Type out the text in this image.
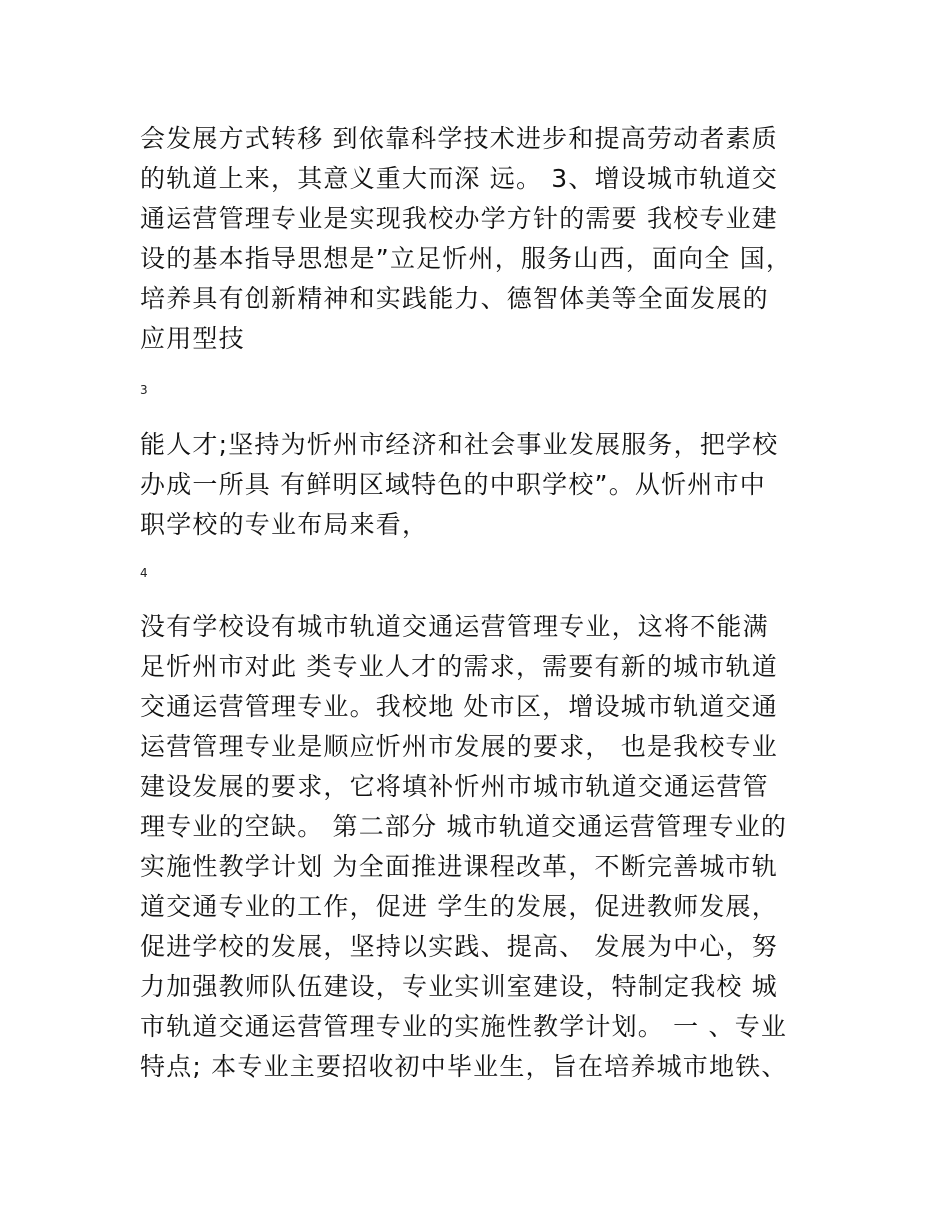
会发展方式转移 到依靠科学技术进步和提高劳动者素质
的轨道上来，其意义重大而深 远。 3、增设城市轨道交
通运营管理专业是实现我校办学方针的需要 我校专业建
设的基本指导思想是”立足忻州，服务山西，面向全 国，
培养具有创新精神和实践能力、德智体美等全面发展的
应用型技
3
能人才;坚持为忻州市经济和社会事业发展服务，把学校
办成一所具 有鲜明区域特色的中职学校”。从忻州市中
职学校的专业布局来看，
4
没有学校设有城市轨道交通运营管理专业，这将不能满
足忻州市对此 类专业人才的需求，需要有新的城市轨道
交通运营管理专业。我校地 处市区，增设城市轨道交通
运营管理专业是顺应忻州市发展的要求， 也是我校专业
建设发展的要求，它将填补忻州市城市轨道交通运营管
理专业的空缺。 第二部分 城市轨道交通运营管理专业的
实施性教学计划 为全面推进课程改革，不断完善城市轨
道交通专业的工作，促进 学生的发展，促进教师发展，
促进学校的发展，坚持以实践、提高、 发展为中心，努
力加强教师队伍建设，专业实训室建设，特制定我校 城
市轨道交通运营管理专业的实施性教学计划。 一 、专业
特点; 本专业主要招收初中毕业生，旨在培养城市地铁、
